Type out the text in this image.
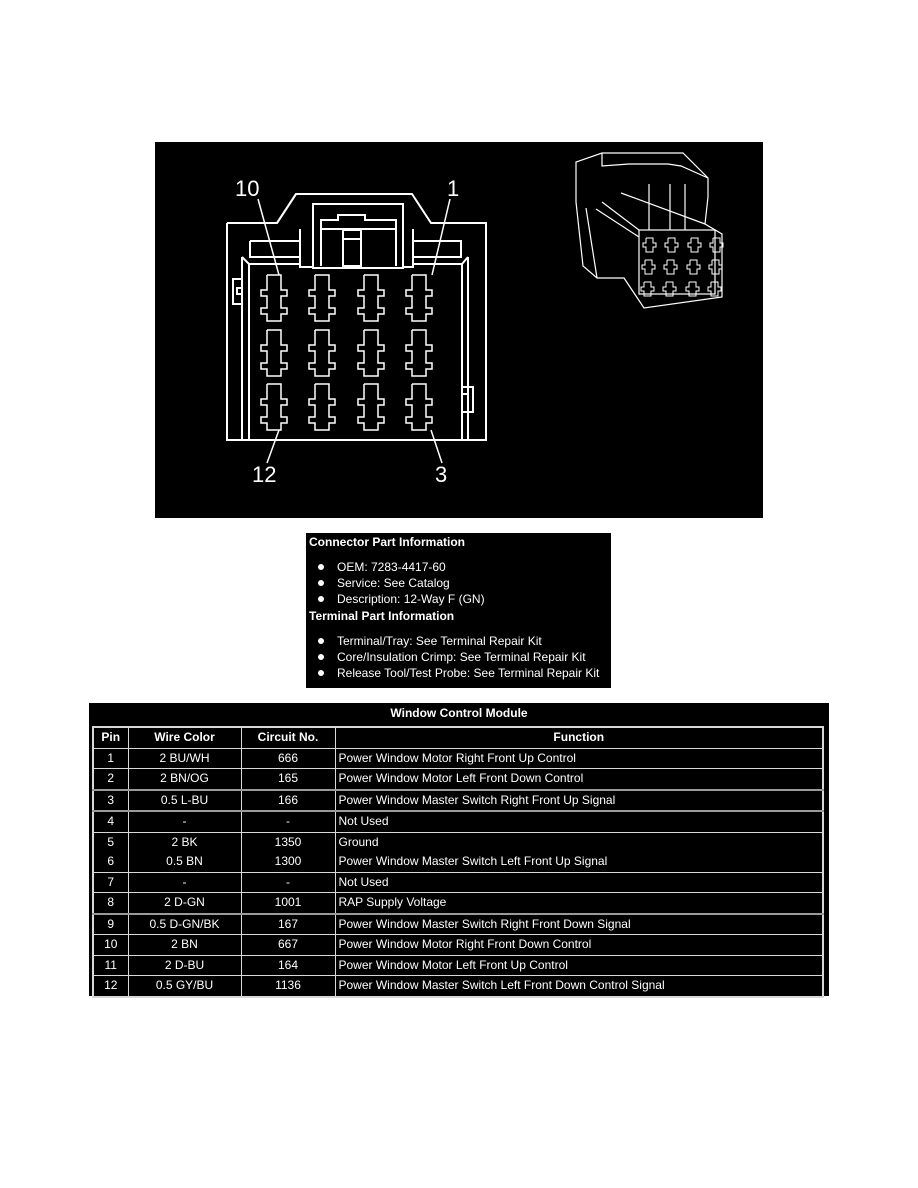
10	1
12	3
Connector Part Information
OEM: 7283-4417-60
Service: See Catalog
Description: 12-Way F (GN)
Terminal Part Information
Terminal/Tray: See Terminal Repair Kit
Core/Insulation Crimp: See Terminal Repair Kit
Release Tool/Test Probe: See Terminal Repair Kit
Window Control Module
Pin	Wire Color	Circuit No.	Function
1	2 BU/WH	666	Power Window Motor Right Front Up Control
2	2 BN/OG	165	Power Window Motor Left Front Down Control
3	0.5 L-BU	166	Power Window Master Switch Right Front Up Signal
4	-	-	Not Used
5	2 BK	1350	Ground
6	0.5 BN	1300	Power Window Master Switch Left Front Up Signal
7	-	-	Not Used
8	2 D-GN	1001	RAP Supply Voltage
9	0.5 D-GN/BK	167	Power Window Master Switch Right Front Down Signal
10	2 BN	667	Power Window Motor Right Front Down Control
11	2 D-BU	164	Power Window Motor Left Front Up Control
12	0.5 GY/BU	1136	Power Window Master Switch Left Front Down Control Signal
